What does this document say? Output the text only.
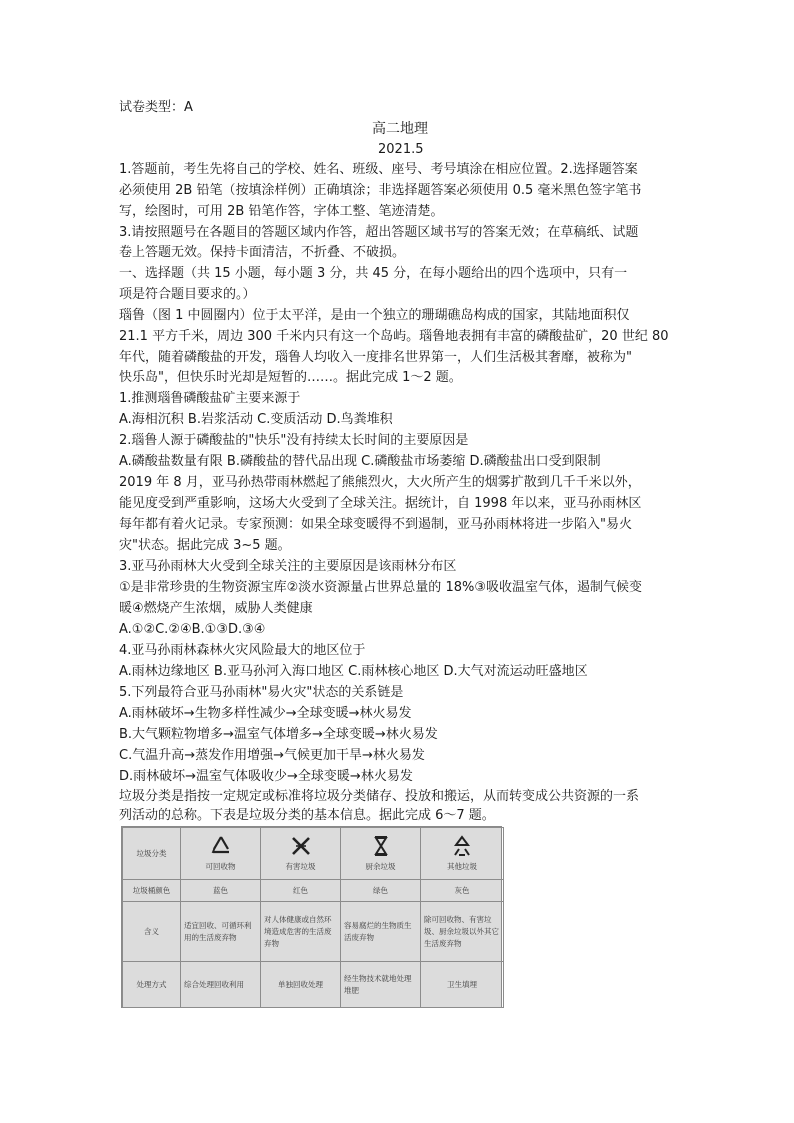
试卷类型：A
高二地理
2021.5
1.答题前，考生先将自己的学校、姓名、班级、座号、考号填涂在相应位置。2.选择题答案
必须使用 2B 铅笔（按填涂样例）正确填涂；非选择题答案必须使用 0.5 毫米黑色签字笔书
写，绘图时，可用 2B 铅笔作答，字体工整、笔迹清楚。
3.请按照题号在各题目的答题区域内作答，超出答题区域书写的答案无效；在草稿纸、试题
卷上答题无效。保持卡面清洁，不折叠、不破损。
一、选择题（共 15 小题，每小题 3 分，共 45 分，在每小题给出的四个选项中，只有一
项是符合题目要求的。）
瑙鲁（图 1 中圆圈内）位于太平洋，是由一个独立的珊瑚礁岛构成的国家，其陆地面积仅
21.1 平方千米，周边 300 千米内只有这一个岛屿。瑙鲁地表拥有丰富的磷酸盐矿，20 世纪 80
年代，随着磷酸盐的开发，瑙鲁人均收入一度排名世界第一，人们生活极其奢靡，被称为"
快乐岛"，但快乐时光却是短暂的……。据此完成 1～2 题。
1.推测瑙鲁磷酸盐矿主要来源于
A.海相沉积 B.岩浆活动 C.变质活动 D.鸟粪堆积
2.瑙鲁人源于磷酸盐的"快乐"没有持续太长时间的主要原因是
A.磷酸盐数量有限 B.磷酸盐的替代品出现 C.磷酸盐市场萎缩 D.磷酸盐出口受到限制
2019 年 8 月，亚马孙热带雨林燃起了熊熊烈火，大火所产生的烟雾扩散到几千千米以外，
能见度受到严重影响，这场大火受到了全球关注。据统计，自 1998 年以来，亚马孙雨林区
每年都有着火记录。专家预测：如果全球变暖得不到遏制，亚马孙雨林将进一步陷入"易火
灾"状态。据此完成 3~5 题。
3.亚马孙雨林大火受到全球关注的主要原因是该雨林分布区
①是非常珍贵的生物资源宝库②淡水资源量占世界总量的 18%③吸收温室气体，遏制气候变
暖④燃烧产生浓烟，威胁人类健康
A.①②C.②④B.①③D.③④
4.亚马孙雨林森林火灾风险最大的地区位于
A.雨林边缘地区 B.亚马孙河入海口地区 C.雨林核心地区 D.大气对流运动旺盛地区
5.下列最符合亚马孙雨林"易火灾"状态的关系链是
A.雨林破坏→生物多样性减少→全球变暖→林火易发
B.大气颗粒物增多→温室气体增多→全球变暖→林火易发
C.气温升高→蒸发作用增强→气候更加干旱→林火易发
D.雨林破坏→温室气体吸收少→全球变暖→林火易发
垃圾分类是指按一定规定或标准将垃圾分类储存、投放和搬运，从而转变成公共资源的一系
列活动的总称。下表是垃圾分类的基本信息。据此完成 6～7 题。
垃圾分类	可回收物	有害垃圾	厨余垃圾	其他垃圾

垃圾桶颜色	蓝色	红色	绿色	灰色
含义	适宜回收、可循环利用的生活废弃物	对人体健康或自然环境造成危害的生活废弃物	容易腐烂的生物质生活废弃物	除可回收物、有害垃圾、厨余垃圾以外其它生活废弃物
处理方式	综合处理回收利用	单独回收处理	经生物技术就地处理堆肥	卫生填埋
